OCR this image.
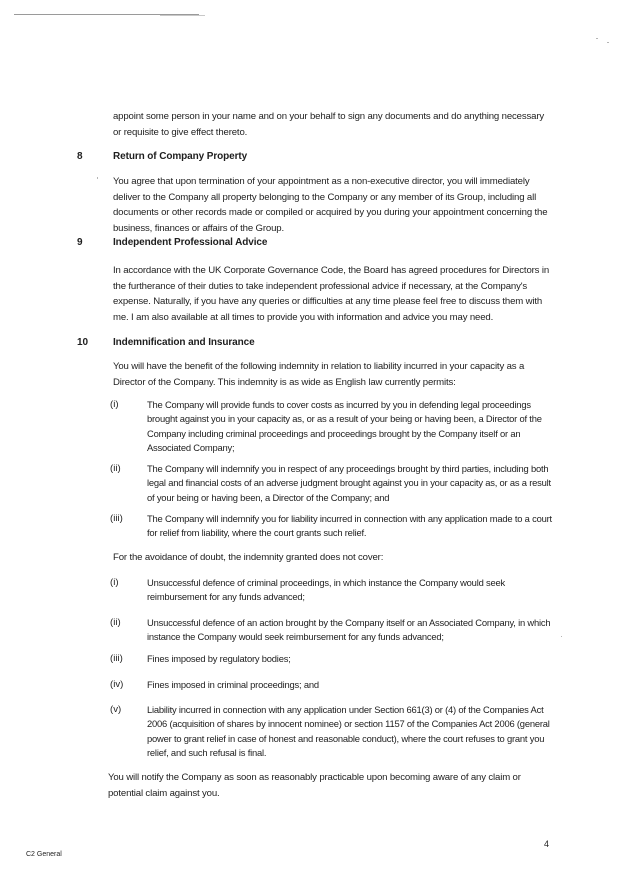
appoint some person in your name and on your behalf to sign any documents and do anything necessary or requisite to give effect thereto.
8	Return of Company Property
You agree that upon termination of your appointment as a non-executive director, you will immediately deliver to the Company all property belonging to the Company or any member of its Group, including all documents or other records made or compiled or acquired by you during your appointment concerning the business, finances or affairs of the Group.
9	Independent Professional Advice
In accordance with the UK Corporate Governance Code, the Board has agreed procedures for Directors in the furtherance of their duties to take independent professional advice if necessary, at the Company's expense. Naturally, if you have any queries or difficulties at any time please feel free to discuss them with me. I am also available at all times to provide you with information and advice you may need.
10 Indemnification and Insurance
You will have the benefit of the following indemnity in relation to liability incurred in your capacity as a Director of the Company. This indemnity is as wide as English law currently permits:
(i)	The Company will provide funds to cover costs as incurred by you in defending legal proceedings brought against you in your capacity as, or as a result of your being or having been, a Director of the Company including criminal proceedings and proceedings brought by the Company itself or an Associated Company;
(ii)	The Company will indemnify you in respect of any proceedings brought by third parties, including both legal and financial costs of an adverse judgment brought against you in your capacity as, or as a result of your being or having been, a Director of the Company; and
(iii)	The Company will indemnify you for liability incurred in connection with any application made to a court for relief from liability, where the court grants such relief.
For the avoidance of doubt, the indemnity granted does not cover:
(i)	Unsuccessful defence of criminal proceedings, in which instance the Company would seek reimbursement for any funds advanced;
(ii)	Unsuccessful defence of an action brought by the Company itself or an Associated Company, in which instance the Company would seek reimbursement for any funds advanced;
(iii)	Fines imposed by regulatory bodies;
(iv)	Fines imposed in criminal proceedings; and
(v)	Liability incurred in connection with any application under Section 661(3) or (4) of the Companies Act 2006 (acquisition of shares by innocent nominee) or section 1157 of the Companies Act 2006 (general power to grant relief in case of honest and reasonable conduct), where the court refuses to grant you relief, and such refusal is final.
You will notify the Company as soon as reasonably practicable upon becoming aware of any claim or potential claim against you.
4
C2 General
